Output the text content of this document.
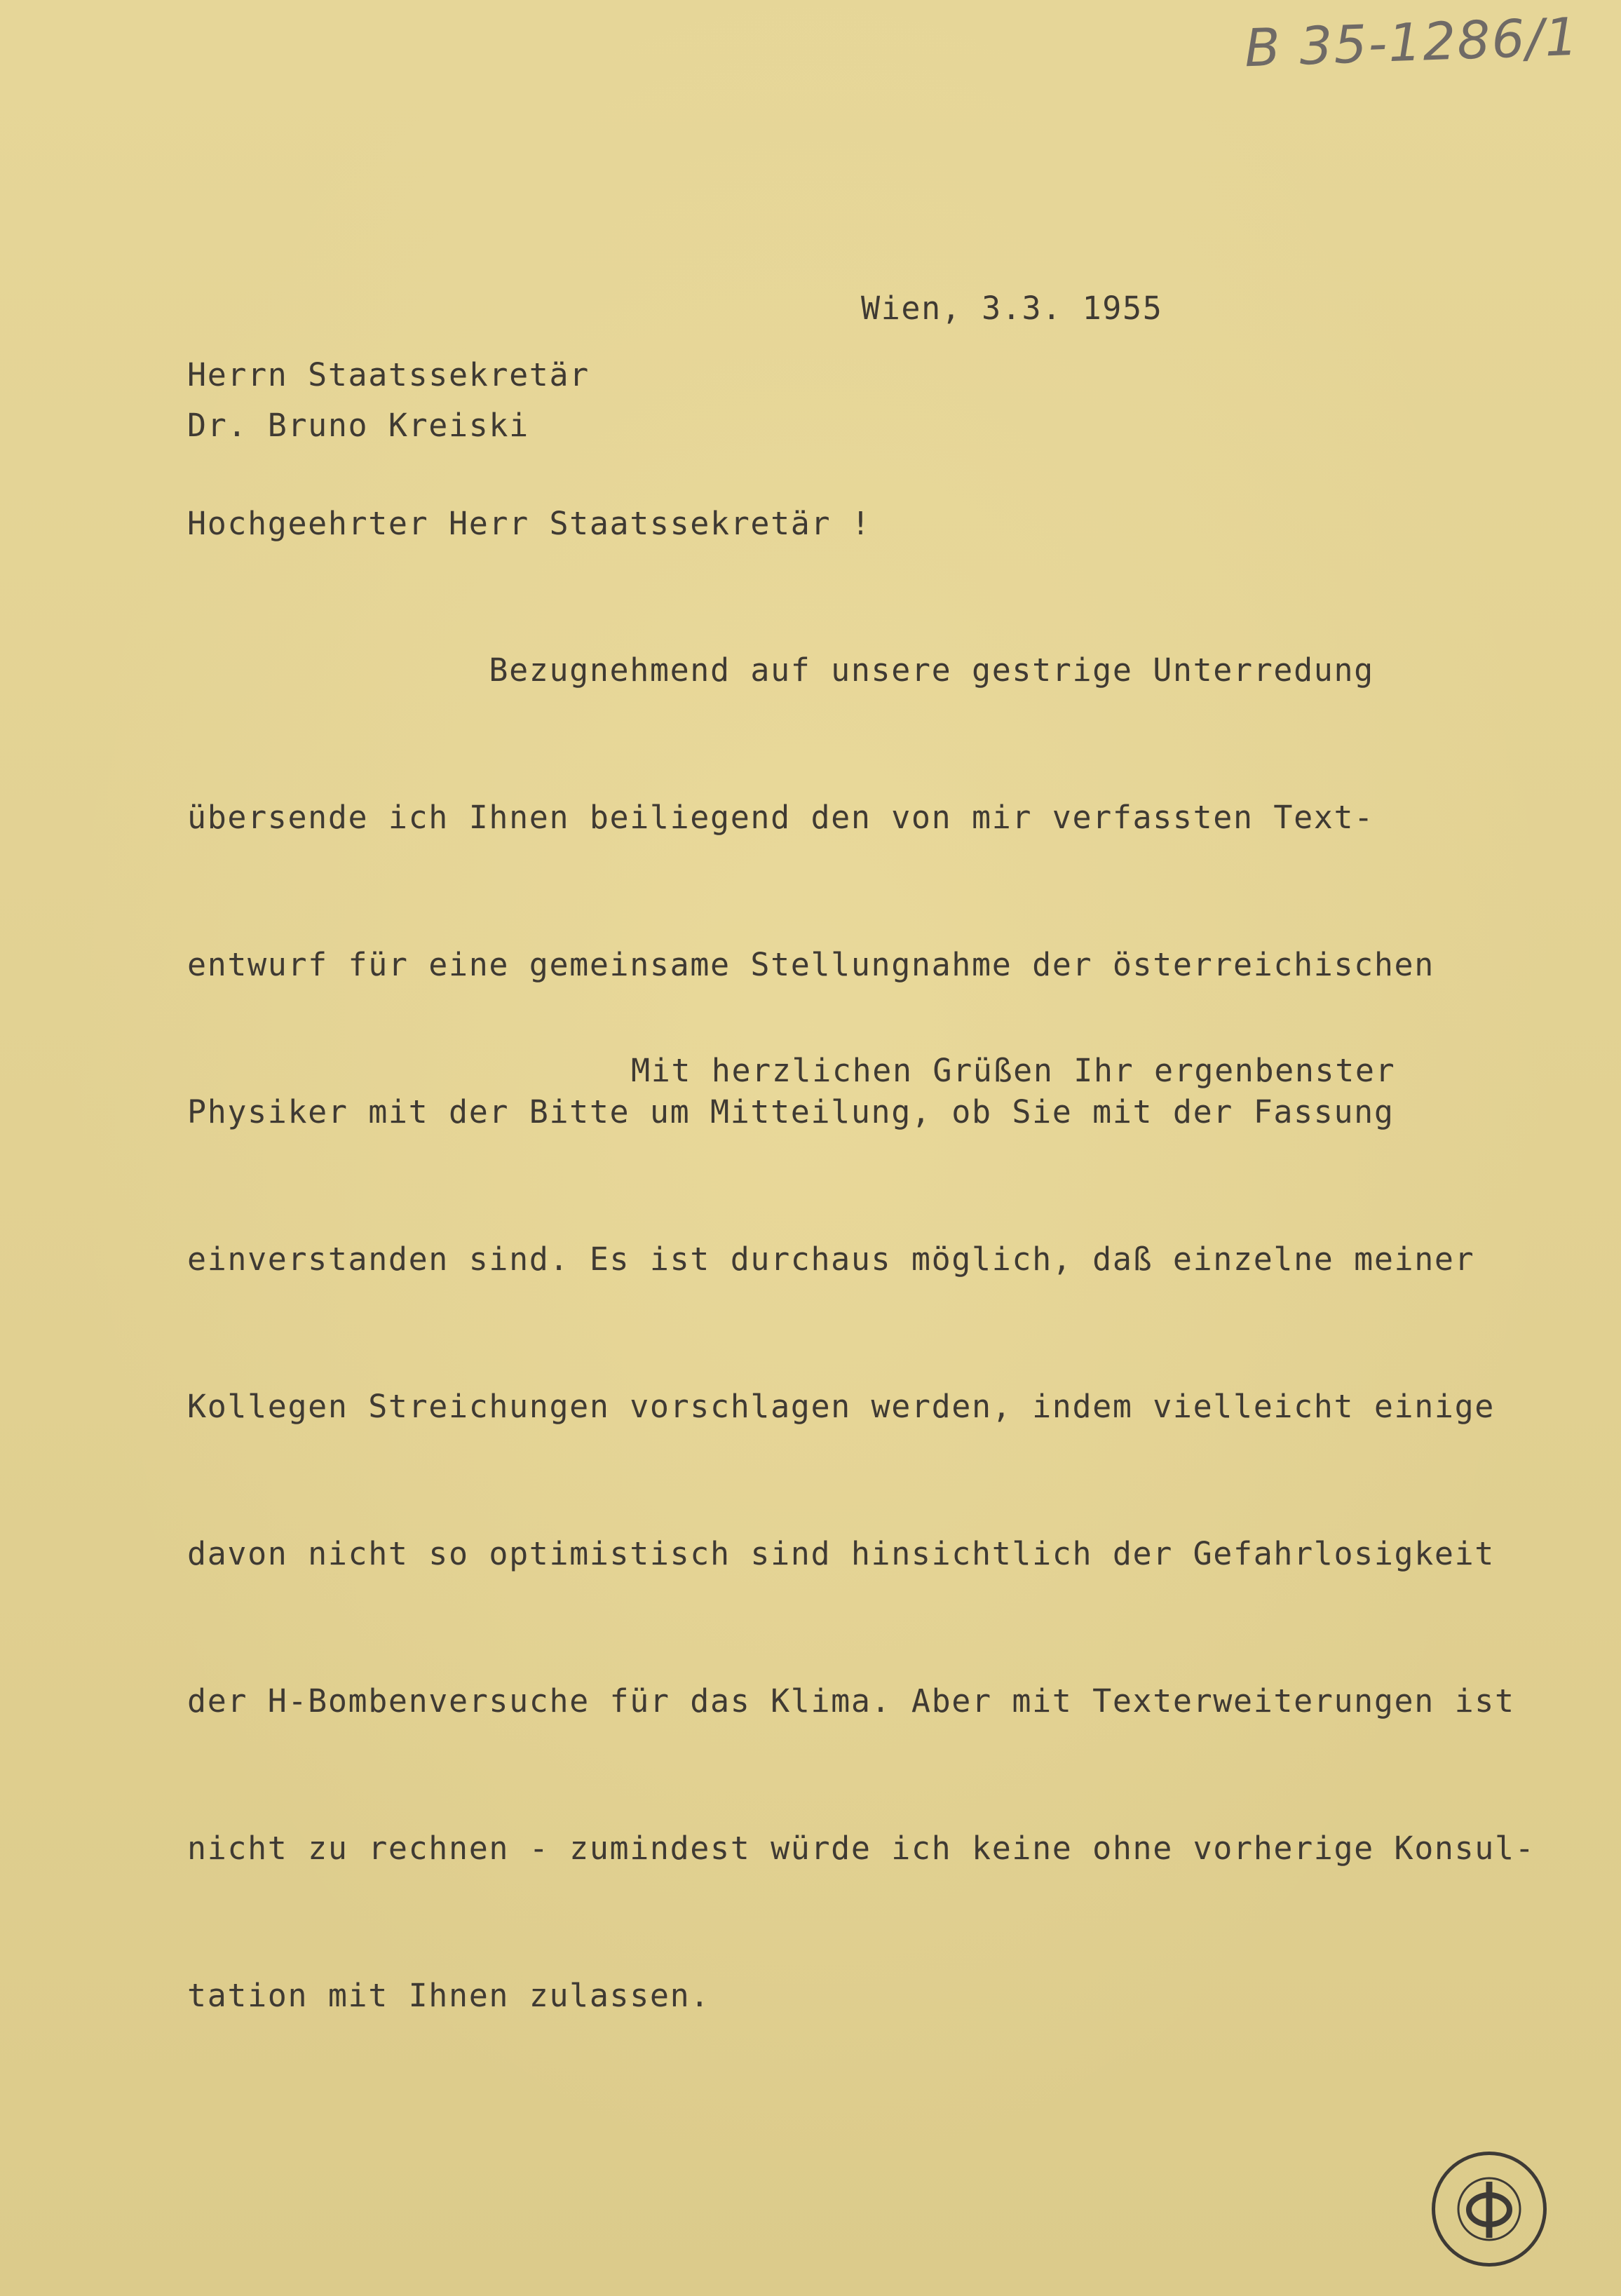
B 35-1286/1
Wien, 3.3. 1955
Herrn Staatssekretär
Dr. Bruno Kreiski
Hochgeehrter Herr Staatssekretär !

Bezugnehmend auf unsere gestrige Unterredung

übersende ich Ihnen beiliegend den von mir verfassten Text-

entwurf für eine gemeinsame Stellungnahme der österreichischen

Physiker mit der Bitte um Mitteilung, ob Sie mit der Fassung

einverstanden sind. Es ist durchaus möglich, daß einzelne meiner

Kollegen Streichungen vorschlagen werden, indem vielleicht einige

davon nicht so optimistisch sind hinsichtlich der Gefahrlosigkeit

der H-Bombenversuche für das Klima. Aber mit Texterweiterungen ist

nicht zu rechnen - zumindest würde ich keine ohne vorherige Konsul-

tation mit Ihnen zulassen.

Mit herzlichen Grüßen Ihr ergenbenster
